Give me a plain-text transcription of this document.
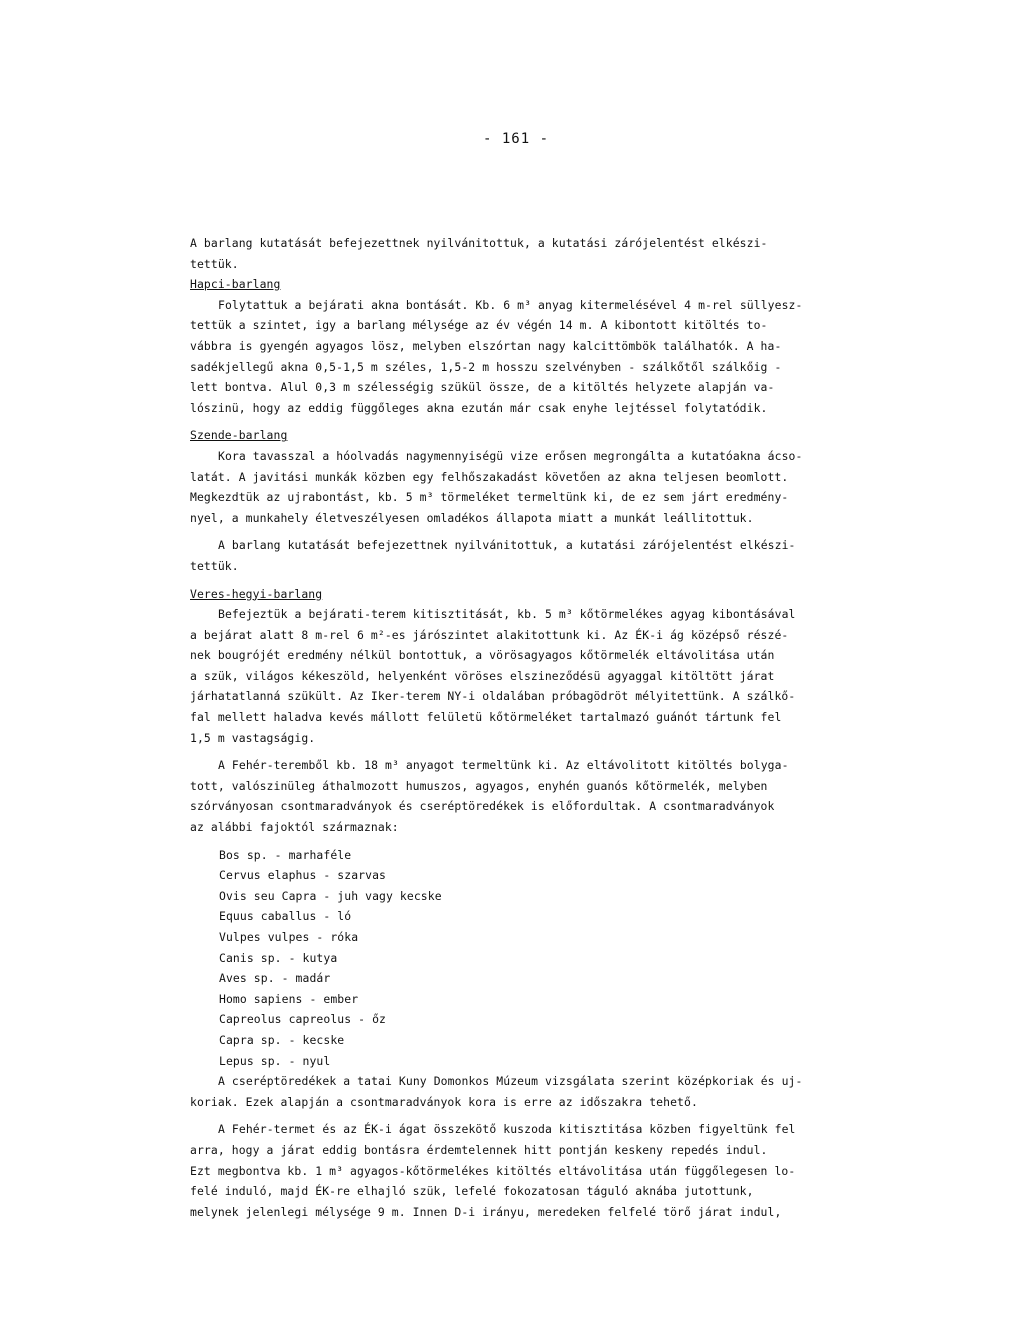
- 161 -
A barlang kutatását befejezettnek nyilvánitottuk, a kutatási zárójelentést elkészi-
tettük.
Hapci-barlang
Folytattuk a bejárati akna bontását. Kb. 6 m³ anyag kitermelésével 4 m-rel süllyesz-
tettük a szintet, igy a barlang mélysége az év végén 14 m. A kibontott kitöltés to-
vábbra is gyengén agyagos lösz, melyben elszórtan nagy kalcittömbök találhatók. A ha-
sadékjellegű akna 0,5-1,5 m széles, 1,5-2 m hosszu szelvényben - szálkőtől szálkőig -
lett bontva. Alul 0,3 m szélességig szükül össze, de a kitöltés helyzete alapján va-
lószinü, hogy az eddig függőleges akna ezután már csak enyhe lejtéssel folytatódik.
Szende-barlang
Kora tavasszal a hóolvadás nagymennyiségü vize erősen megrongálta a kutatóakna ácso-
latát. A javitási munkák közben egy felhőszakadást követően az akna teljesen beomlott.
Megkezdtük az ujrabontást, kb. 5 m³ törmeléket termeltünk ki, de ez sem járt eredmény-
nyel, a munkahely életveszélyesen omladékos állapota miatt a munkát leállitottuk.
A barlang kutatását befejezettnek nyilvánitottuk, a kutatási zárójelentést elkészi-
tettük.
Veres-hegyi-barlang
Befejeztük a bejárati-terem kitisztitását, kb. 5 m³ kőtörmelékes agyag kibontásával
a bejárat alatt 8 m-rel 6 m²-es járószintet alakitottunk ki. Az ÉK-i ág középső részé-
nek bougrójét eredmény nélkül bontottuk, a vörösagyagos kőtörmelék eltávolitása után
a szük, világos kékeszöld, helyenként vöröses elszineződésü agyaggal kitöltött járat
járhatatlanná szükült. Az Iker-terem NY-i oldalában próbagödröt mélyitettünk. A szálkő-
fal mellett haladva kevés mállott felületü kőtörmeléket tartalmazó guánót tártunk fel
1,5 m vastagságig.
A Fehér-teremből kb. 18 m³ anyagot termeltünk ki. Az eltávolitott kitöltés bolyga-
tott, valószinüleg áthalmozott humuszos, agyagos, enyhén guanós kőtörmelék, melyben
szórványosan csontmaradványok és cseréptöredékek is előfordultak. A csontmaradványok
az alábbi fajoktól származnak:
Bos sp. - marhaféle
Cervus elaphus - szarvas
Ovis seu Capra - juh vagy kecske
Equus caballus - ló
Vulpes vulpes - róka
Canis sp. - kutya
Aves sp. - madár
Homo sapiens - ember
Capreolus capreolus - őz
Capra sp. - kecske
Lepus sp. - nyul
A cseréptöredékek a tatai Kuny Domonkos Múzeum vizsgálata szerint középkoriak és uj-
koriak. Ezek alapján a csontmaradványok kora is erre az időszakra tehető.
A Fehér-termet és az ÉK-i ágat összekötő kuszoda kitisztitása közben figyeltünk fel
arra, hogy a járat eddig bontásra érdemtelennek hitt pontján keskeny repedés indul.
Ezt megbontva kb. 1 m³ agyagos-kőtörmelékes kitöltés eltávolitása után függőlegesen lo-
felé induló, majd ÉK-re elhajló szük, lefelé fokozatosan táguló aknába jutottunk,
melynek jelenlegi mélysége 9 m. Innen D-i irányu, meredeken felfelé törő járat indul,
